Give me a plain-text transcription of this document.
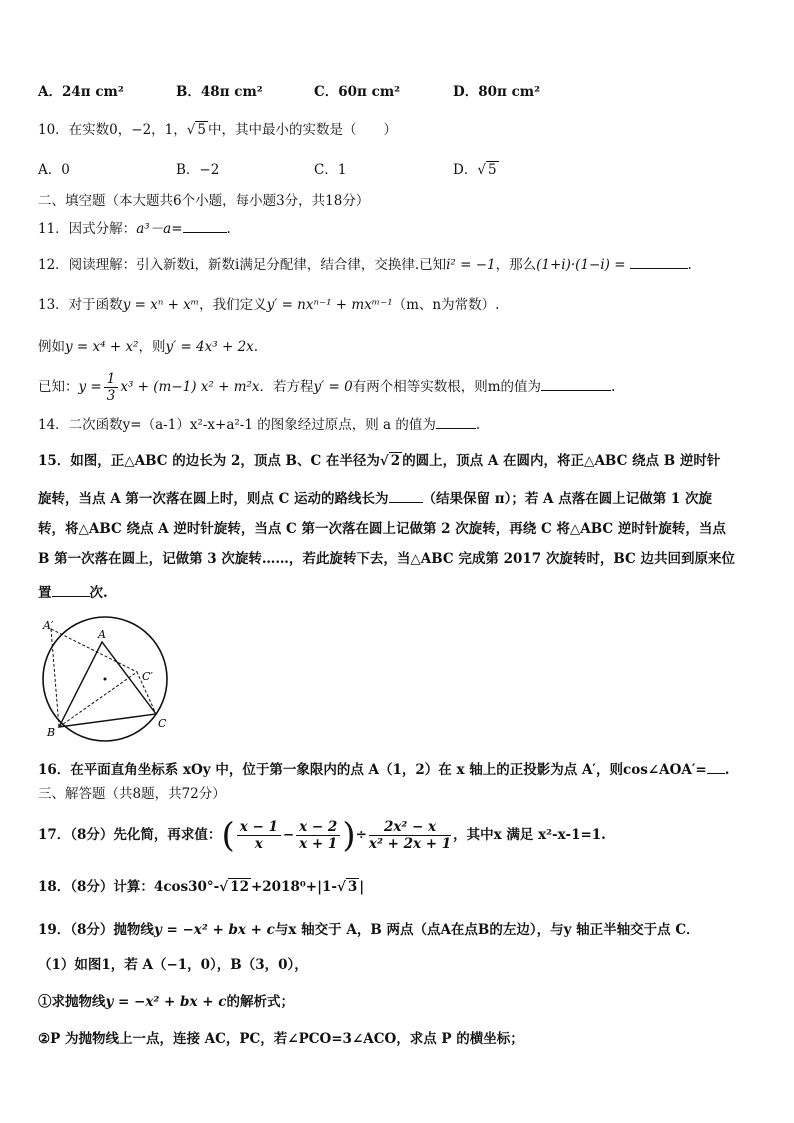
A．24π cm²	B．48π cm²	C．60π cm²	D．80π cm²
10．在实数0，−2，1，√ 5 中，其中最小的实数是（　　）
A．0	B．−2	C．1	D．√ 5
二、填空题（本大题共6个小题，每小题3分，共18分）
11．因式分解：a³－a=	.
12．阅读理解：引入新数i，新数i满足分配律，结合律，交换律.已知i² = −1，那么(1+i)·(1−i) =	.
13．对于函数y = xⁿ + xᵐ，我们定义y′ = nxⁿ⁻¹ + mxᵐ⁻¹（m、n为常数）.
例如y = x⁴ + x²，则y′ = 4x³ + 2x.
已知：$y = \frac{1}{3} x^3 + (m-1) x^2 + m^2x$．若方程y′ = 0有两个相等实数根，则m的值为	.
14．二次函数y=（a-1）x²-x+a²-1 的图象经过原点，则 a 的值为	.
15．如图，正△ABC 的边长为 2，顶点 B、C 在半径为√ 2 的圆上，顶点 A 在圆内，将正△ABC 绕点 B 逆时针
旋转，当点 A 第一次落在圆上时，则点 C 运动的路线长为	（结果保留 π）；若 A 点落在圆上记做第 1 次旋
转，将△ABC 绕点 A 逆时针旋转，当点 C 第一次落在圆上记做第 2 次旋转，再绕 C 将△ABC 逆时针旋转，当点
B 第一次落在圆上，记做第 3 次旋转……，若此旋转下去，当△ABC 完成第 2017 次旋转时，BC 边共回到原来位
置	次.
A′
A
C′
B
C
16．在平面直角坐标系 xOy 中，位于第一象限内的点 A（1，2）在 x 轴上的正投影为点 A′，则cos∠AOA′= .
三、解答题（共8题，共72分）
17．（8分）先化简，再求值：( $\frac{x - 1}{x} - \frac{x - 2}{x + 1}$ )÷ $\frac{\text{2x² − x}}{\text{x² + 2x + 1}}$ ，其中x 满足 x²-x-1=1.
18．（8分）计算：4cos30°-√ 12 +2018⁰+|1-√ 3 |
19．（8分）抛物线y = −x² + bx + c与x 轴交于 A，B 两点（点A在点B的左边），与y 轴正半轴交于点 C．
（1）如图1，若 A（−1，0），B（3，0），
①求抛物线y = −x² + bx + c的解析式；
②P 为抛物线上一点，连接 AC，PC，若∠PCO=3∠ACO，求点 P 的横坐标；
